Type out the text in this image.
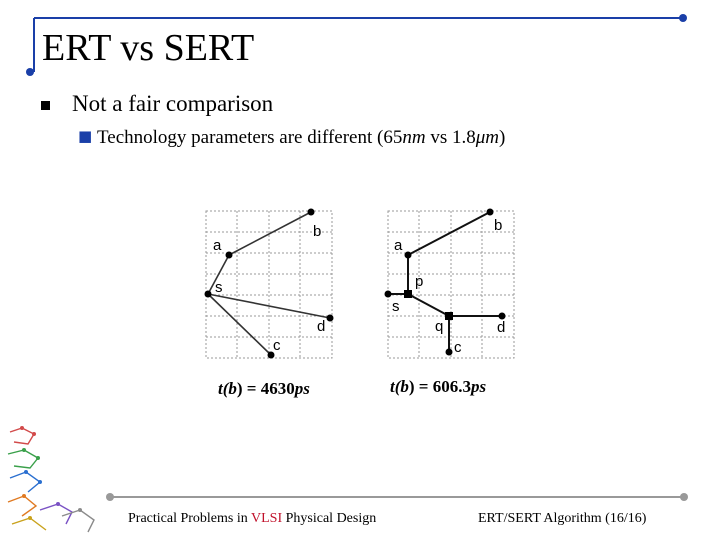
ERT vs SERT
Not a fair comparison
■ Technology parameters are different (65nm vs 1.8μm)
a
b
s
d
c
a
b
p
s
q	d
c
t(b) = 4630ps	t(b) = 606.3ps
Practical Problems in VLSI Physical Design	ERT/SERT Algorithm (16/16)
